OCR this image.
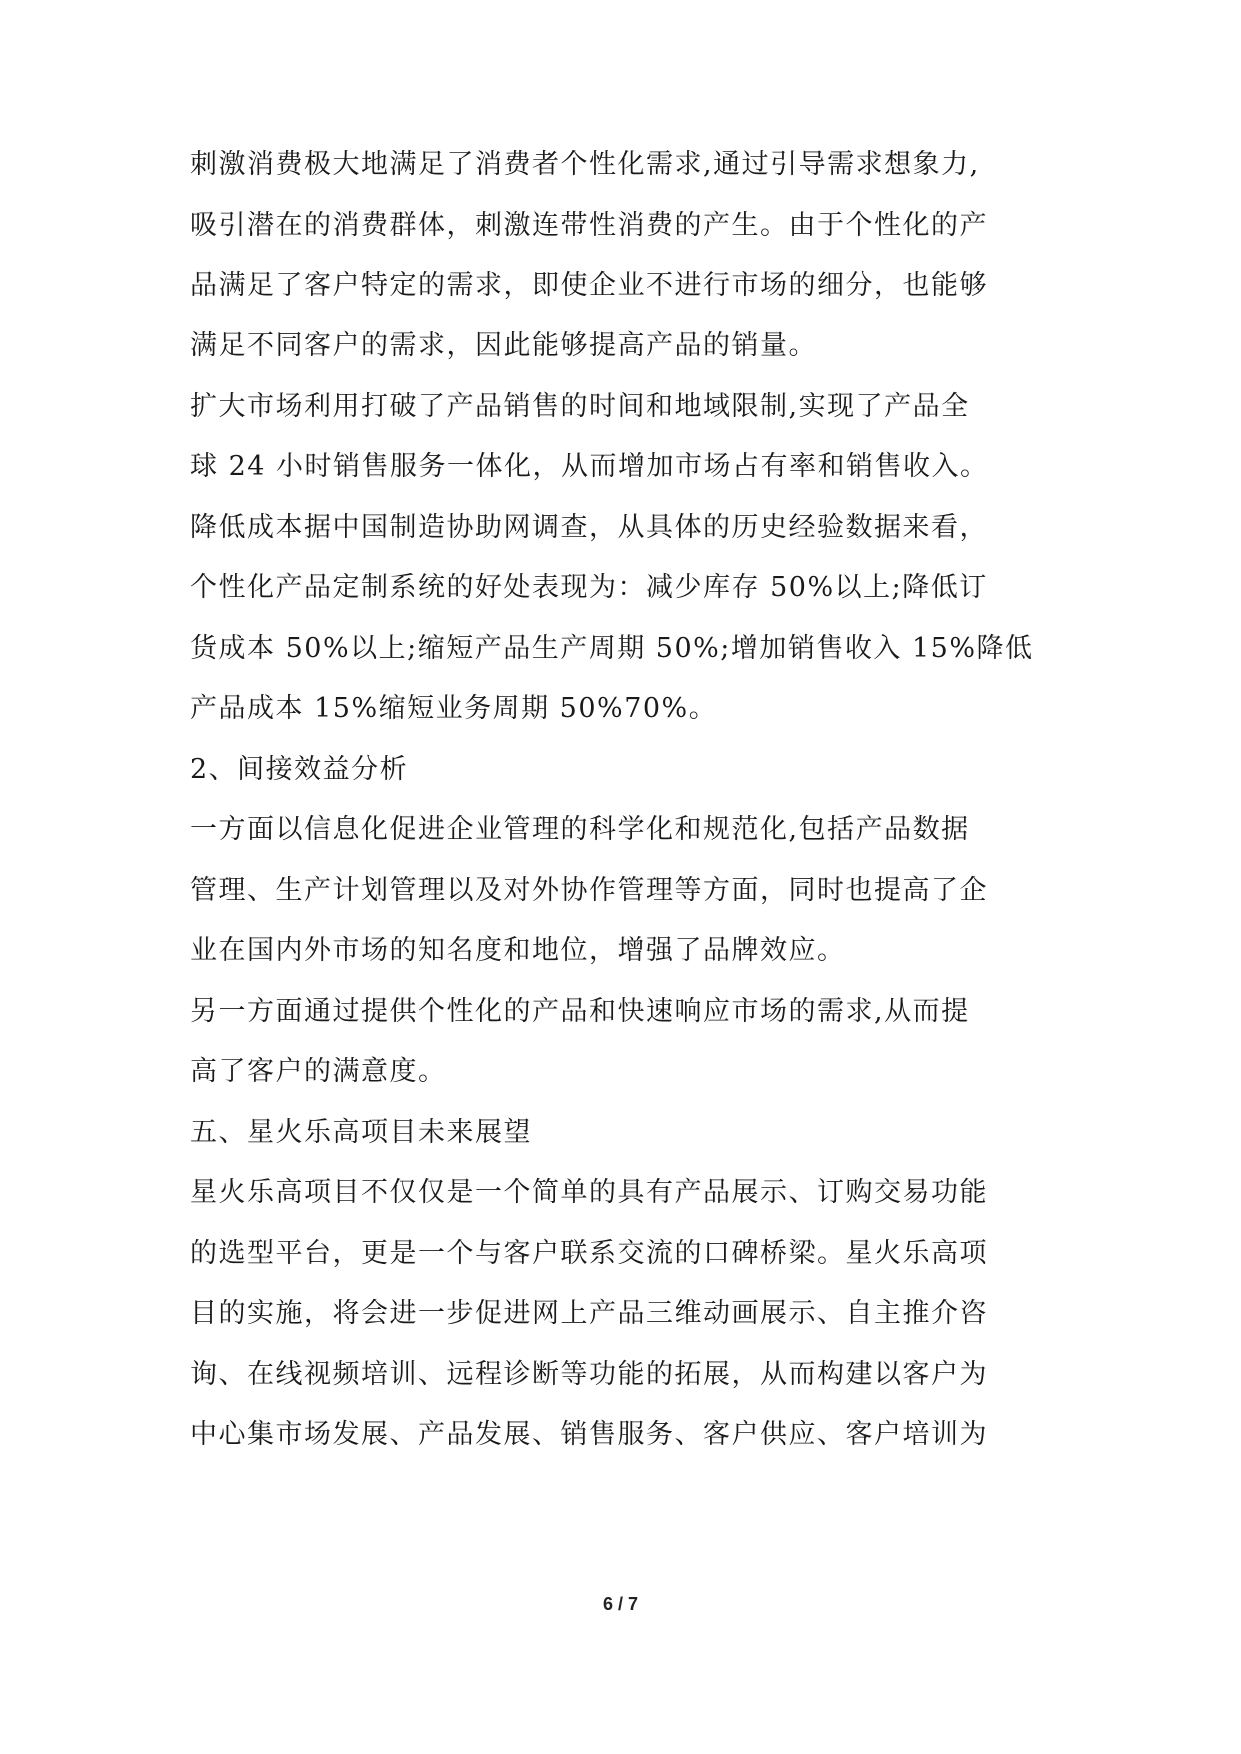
刺激消费极大地满足了消费者个性化需求,通过引导需求想象力,
吸引潜在的消费群体，刺激连带性消费的产生。由于个性化的产
品满足了客户特定的需求，即使企业不进行市场的细分，也能够
满足不同客户的需求，因此能够提高产品的销量。
扩大市场利用打破了产品销售的时间和地域限制,实现了产品全
球 24 小时销售服务一体化，从而增加市场占有率和销售收入。
降低成本据中国制造协助网调查，从具体的历史经验数据来看，
个性化产品定制系统的好处表现为：减少库存 50%以上;降低订
货成本 50%以上;缩短产品生产周期 50%;增加销售收入 15%降低
产品成本 15%缩短业务周期 50%70%。
2、间接效益分析
一方面以信息化促进企业管理的科学化和规范化,包括产品数据
管理、生产计划管理以及对外协作管理等方面，同时也提高了企
业在国内外市场的知名度和地位，增强了品牌效应。
另一方面通过提供个性化的产品和快速响应市场的需求,从而提
高了客户的满意度。
五、星火乐高项目未来展望
星火乐高项目不仅仅是一个简单的具有产品展示、订购交易功能
的选型平台，更是一个与客户联系交流的口碑桥梁。星火乐高项
目的实施，将会进一步促进网上产品三维动画展示、自主推介咨
询、在线视频培训、远程诊断等功能的拓展，从而构建以客户为
中心集市场发展、产品发展、销售服务、客户供应、客户培训为
6 / 7
